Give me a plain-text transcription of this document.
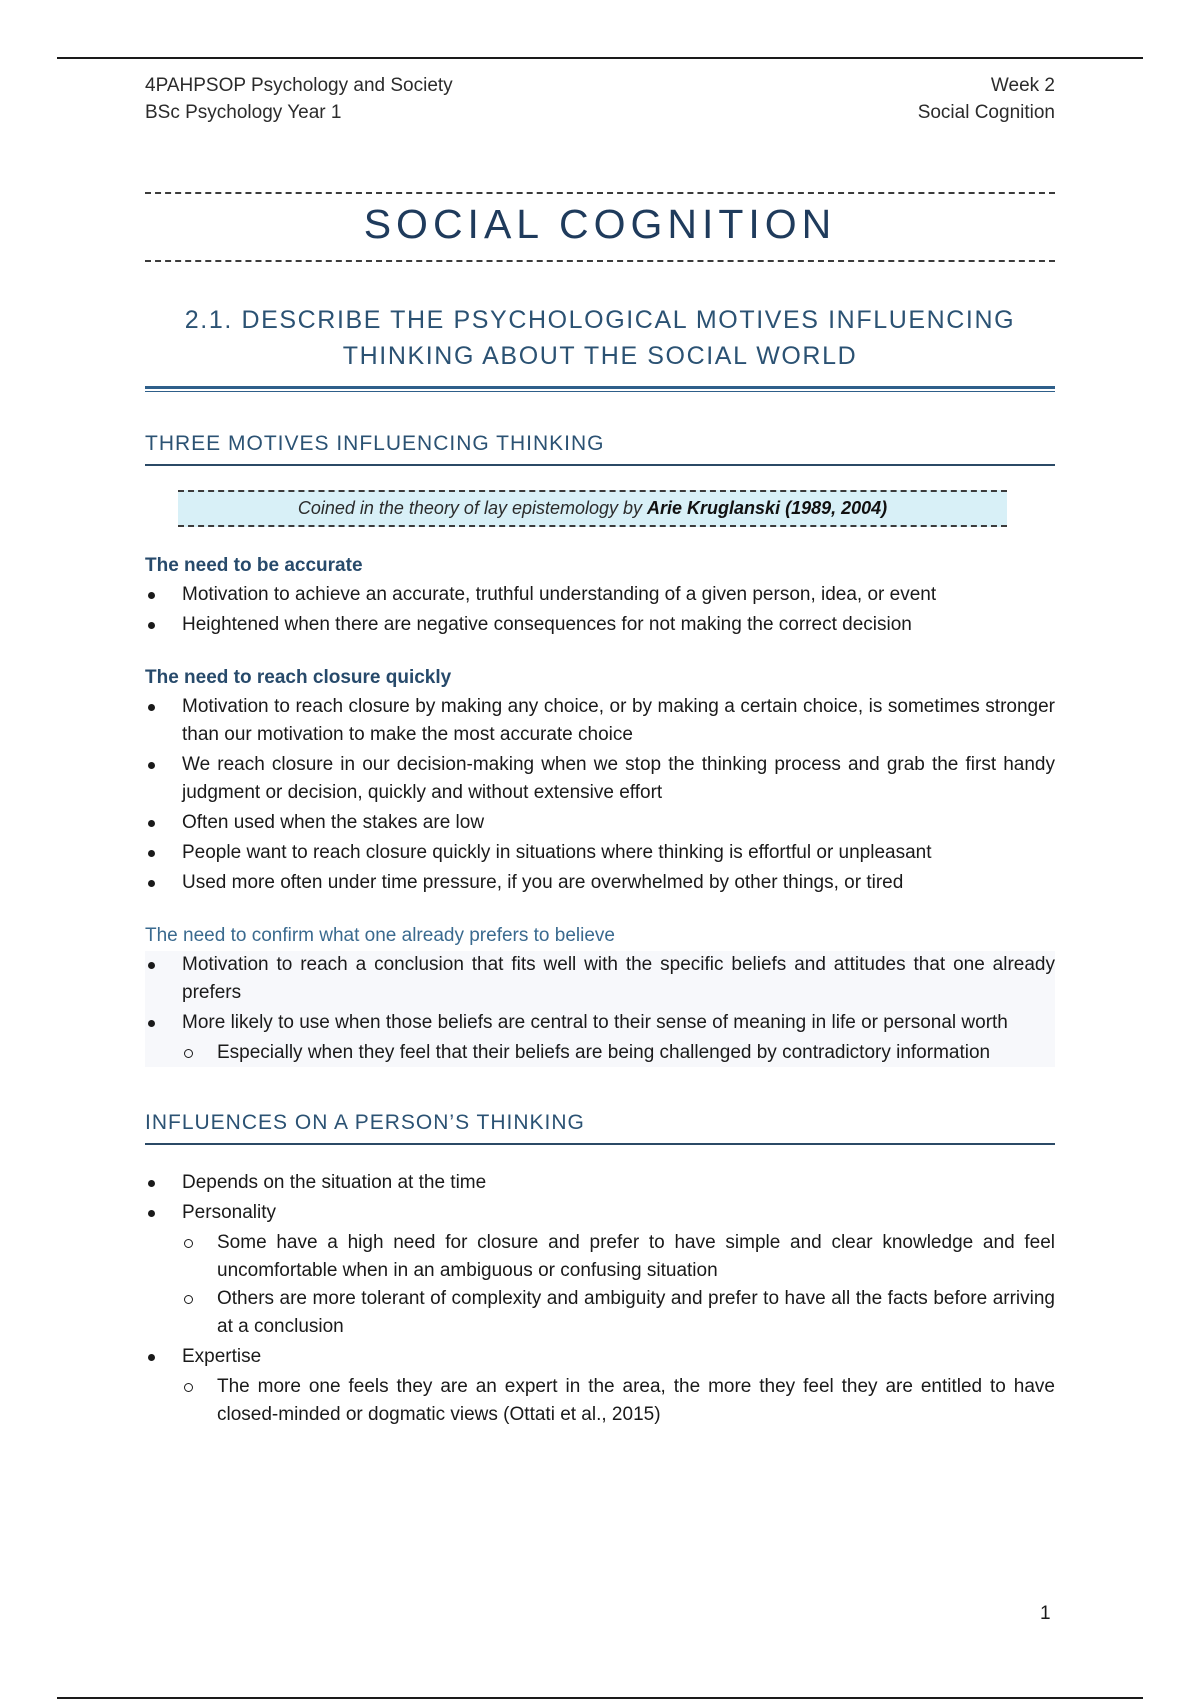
4PAHPSOP Psychology and Society
BSc Psychology Year 1
Week 2
Social Cognition
SOCIAL COGNITION
2.1. DESCRIBE THE PSYCHOLOGICAL MOTIVES INFLUENCING
THINKING ABOUT THE SOCIAL WORLD
THREE MOTIVES INFLUENCING THINKING
Coined in the theory of lay epistemology by Arie Kruglanski (1989, 2004)
The need to be accurate
Motivation to achieve an accurate, truthful understanding of a given person, idea, or event
Heightened when there are negative consequences for not making the correct decision
The need to reach closure quickly
Motivation to reach closure by making any choice, or by making a certain choice, is sometimes stronger than our motivation to make the most accurate choice
We reach closure in our decision-making when we stop the thinking process and grab the first handy judgment or decision, quickly and without extensive effort
Often used when the stakes are low
People want to reach closure quickly in situations where thinking is effortful or unpleasant
Used more often under time pressure, if you are overwhelmed by other things, or tired
The need to confirm what one already prefers to believe
Motivation to reach a conclusion that fits well with the specific beliefs and attitudes that one already prefers
More likely to use when those beliefs are central to their sense of meaning in life or personal worth
Especially when they feel that their beliefs are being challenged by contradictory information
INFLUENCES ON A PERSON’S THINKING
Depends on the situation at the time
Personality
Some have a high need for closure and prefer to have simple and clear knowledge and feel uncomfortable when in an ambiguous or confusing situation
Others are more tolerant of complexity and ambiguity and prefer to have all the facts before arriving at a conclusion
Expertise
The more one feels they are an expert in the area, the more they feel they are entitled to have closed-minded or dogmatic views (Ottati et al., 2015)
1
